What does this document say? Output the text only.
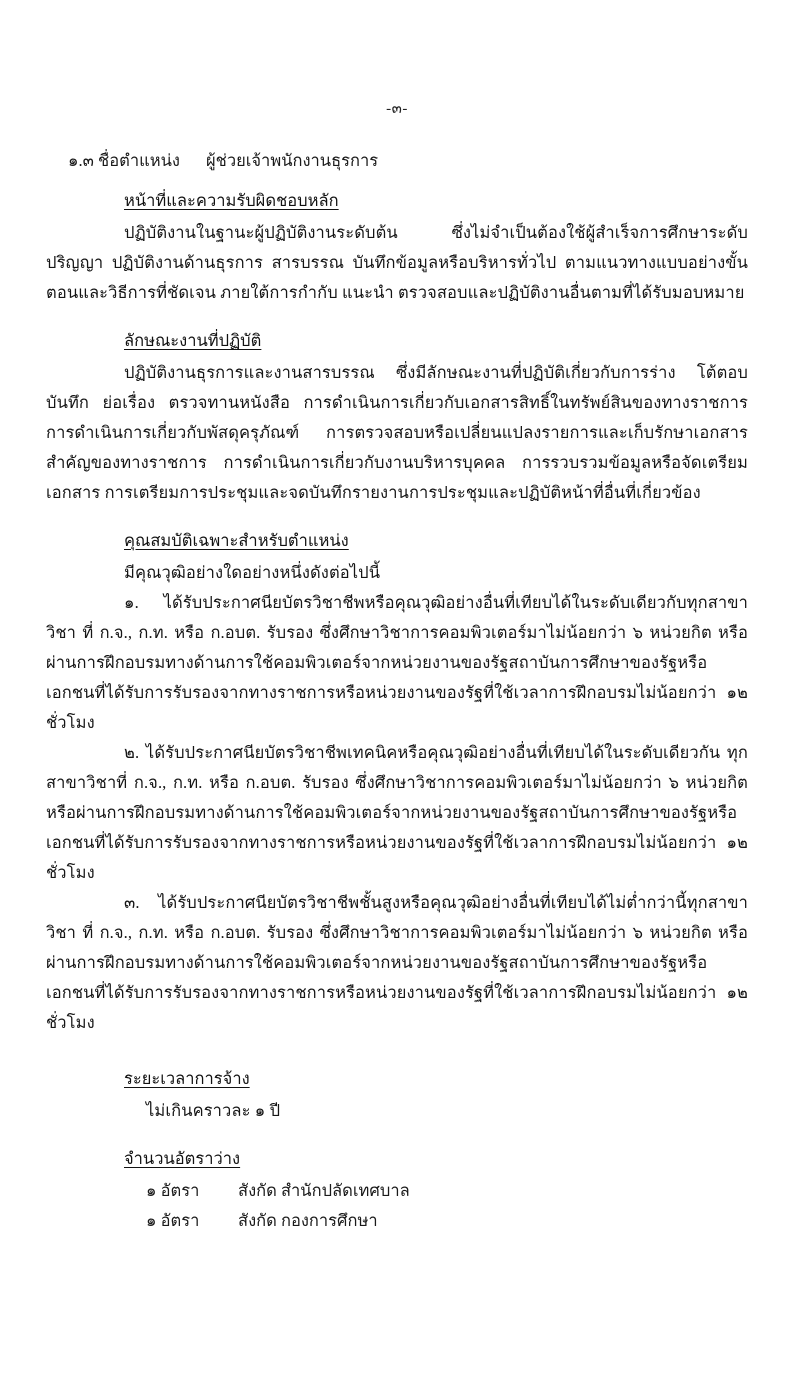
-๓-
๑.๓ ชื่อตำแหน่ง ผู้ช่วยเจ้าพนักงานธุรการ
หน้าที่และความรับผิดชอบหลัก
ปฏิบัติงานในฐานะผู้ปฏิบัติงานระดับต้น ซึ่งไม่จำเป็นต้องใช้ผู้สำเร็จการศึกษาระดับปริญญา ปฏิบัติงานด้านธุรการ สารบรรณ บันทึกข้อมูลหรือบริหารทั่วไป ตามแนวทางแบบอย่างขั้นตอนและวิธีการที่ชัดเจน ภายใต้การกำกับ แนะนำ ตรวจสอบและปฏิบัติงานอื่นตามที่ได้รับมอบหมาย
ลักษณะงานที่ปฏิบัติ
ปฏิบัติงานธุรการและงานสารบรรณ ซึ่งมีลักษณะงานที่ปฏิบัติเกี่ยวกับการร่าง โต้ตอบ บันทึก ย่อเรื่อง ตรวจทานหนังสือ การดำเนินการเกี่ยวกับเอกสารสิทธิ์ในทรัพย์สินของทางราชการ การดำเนินการเกี่ยวกับพัสดุครุภัณฑ์ การตรวจสอบหรือเปลี่ยนแปลงรายการและเก็บรักษาเอกสารสำคัญของทางราชการ การดำเนินการเกี่ยวกับงานบริหารบุคคล การรวบรวมข้อมูลหรือจัดเตรียมเอกสาร การเตรียมการประชุมและจดบันทึกรายงานการประชุมและปฏิบัติหน้าที่อื่นที่เกี่ยวข้อง
คุณสมบัติเฉพาะสำหรับตำแหน่ง
มีคุณวุฒิอย่างใดอย่างหนึ่งดังต่อไปนี้
๑. ได้รับประกาศนียบัตรวิชาชีพหรือคุณวุฒิอย่างอื่นที่เทียบได้ในระดับเดียวกับทุกสาขาวิชา ที่ ก.จ., ก.ท. หรือ ก.อบต. รับรอง ซึ่งศึกษาวิชาการคอมพิวเตอร์มาไม่น้อยกว่า ๖ หน่วยกิต หรือผ่านการฝึกอบรมทางด้านการใช้คอมพิวเตอร์จากหน่วยงานของรัฐสถาบันการศึกษาของรัฐหรือเอกชนที่ได้รับการรับรองจากทางราชการหรือหน่วยงานของรัฐที่ใช้เวลาการฝึกอบรมไม่น้อยกว่า ๑๒ ชั่วโมง
๒. ได้รับประกาศนียบัตรวิชาชีพเทคนิคหรือคุณวุฒิอย่างอื่นที่เทียบได้ในระดับเดียวกัน ทุกสาขาวิชาที่ ก.จ., ก.ท. หรือ ก.อบต. รับรอง ซึ่งศึกษาวิชาการคอมพิวเตอร์มาไม่น้อยกว่า ๖ หน่วยกิต หรือผ่านการฝึกอบรมทางด้านการใช้คอมพิวเตอร์จากหน่วยงานของรัฐสถาบันการศึกษาของรัฐหรือเอกชนที่ได้รับการรับรองจากทางราชการหรือหน่วยงานของรัฐที่ใช้เวลาการฝึกอบรมไม่น้อยกว่า ๑๒ ชั่วโมง
๓. ได้รับประกาศนียบัตรวิชาชีพชั้นสูงหรือคุณวุฒิอย่างอื่นที่เทียบได้ไม่ต่ำกว่านี้ทุกสาขาวิชา ที่ ก.จ., ก.ท. หรือ ก.อบต. รับรอง ซึ่งศึกษาวิชาการคอมพิวเตอร์มาไม่น้อยกว่า ๖ หน่วยกิต หรือผ่านการฝึกอบรมทางด้านการใช้คอมพิวเตอร์จากหน่วยงานของรัฐสถาบันการศึกษาของรัฐหรือเอกชนที่ได้รับการรับรองจากทางราชการหรือหน่วยงานของรัฐที่ใช้เวลาการฝึกอบรมไม่น้อยกว่า ๑๒ ชั่วโมง
ระยะเวลาการจ้าง
ไม่เกินคราวละ ๑ ปี
จำนวนอัตราว่าง
๑ อัตรา	สังกัด สำนักปลัดเทศบาล
๑ อัตรา	สังกัด กองการศึกษา
